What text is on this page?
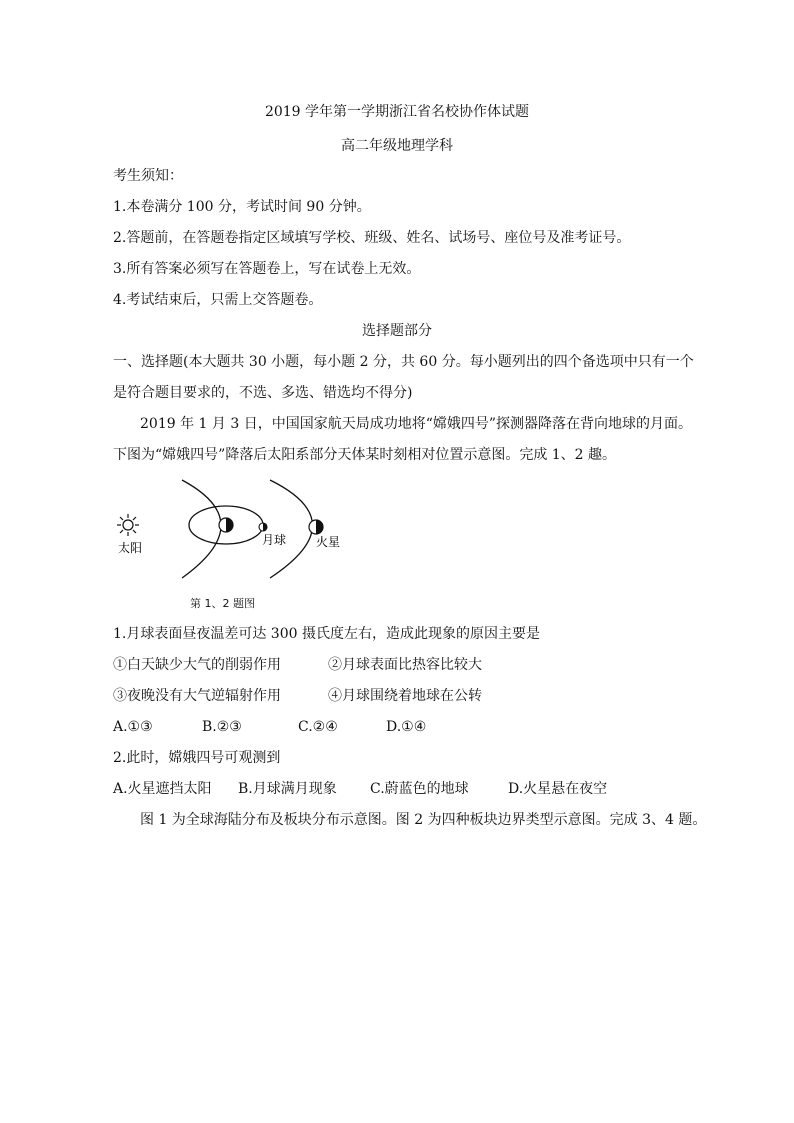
2019 学年第一学期浙江省名校协作体试题
高二年级地理学科
考生须知：
1.本卷满分 100 分，考试时间 90 分钟。
2.答题前，在答题卷指定区域填写学校、班级、姓名、试场号、座位号及准考证号。
3.所有答案必须写在答题卷上，写在试卷上无效。
4.考试结束后，只需上交答题卷。
选择题部分
一、选择题(本大题共 30 小题，每小题 2 分，共 60 分。每小题列出的四个备选项中只有一个
是符合题目要求的，不选、多选、错选均不得分)
2019 年 1 月 3 日，中国国家航天局成功地将“嫦娥四号”探测器降落在背向地球的月面。
下图为“嫦娥四号”降落后太阳系部分天体某时刻相对位置示意图。完成 1、2 趣。
太阳
月球 火星
第 1、2 题图
1.月球表面昼夜温差可达 300 摄氏度左右，造成此现象的原因主要是
①白天缺少大气的削弱作用	②月球表面比热容比较大
③夜晚没有大气逆辐射作用	④月球围绕着地球在公转
A.①③	B.②③	C.②④	D.①④
2.此时，嫦娥四号可观测到
A.火星遮挡太阳 B.月球满月现象 C.蔚蓝色的地球	D.火星悬在夜空
图 1 为全球海陆分布及板块分布示意图。图 2 为四种板块边界类型示意图。完成 3、4 题。
